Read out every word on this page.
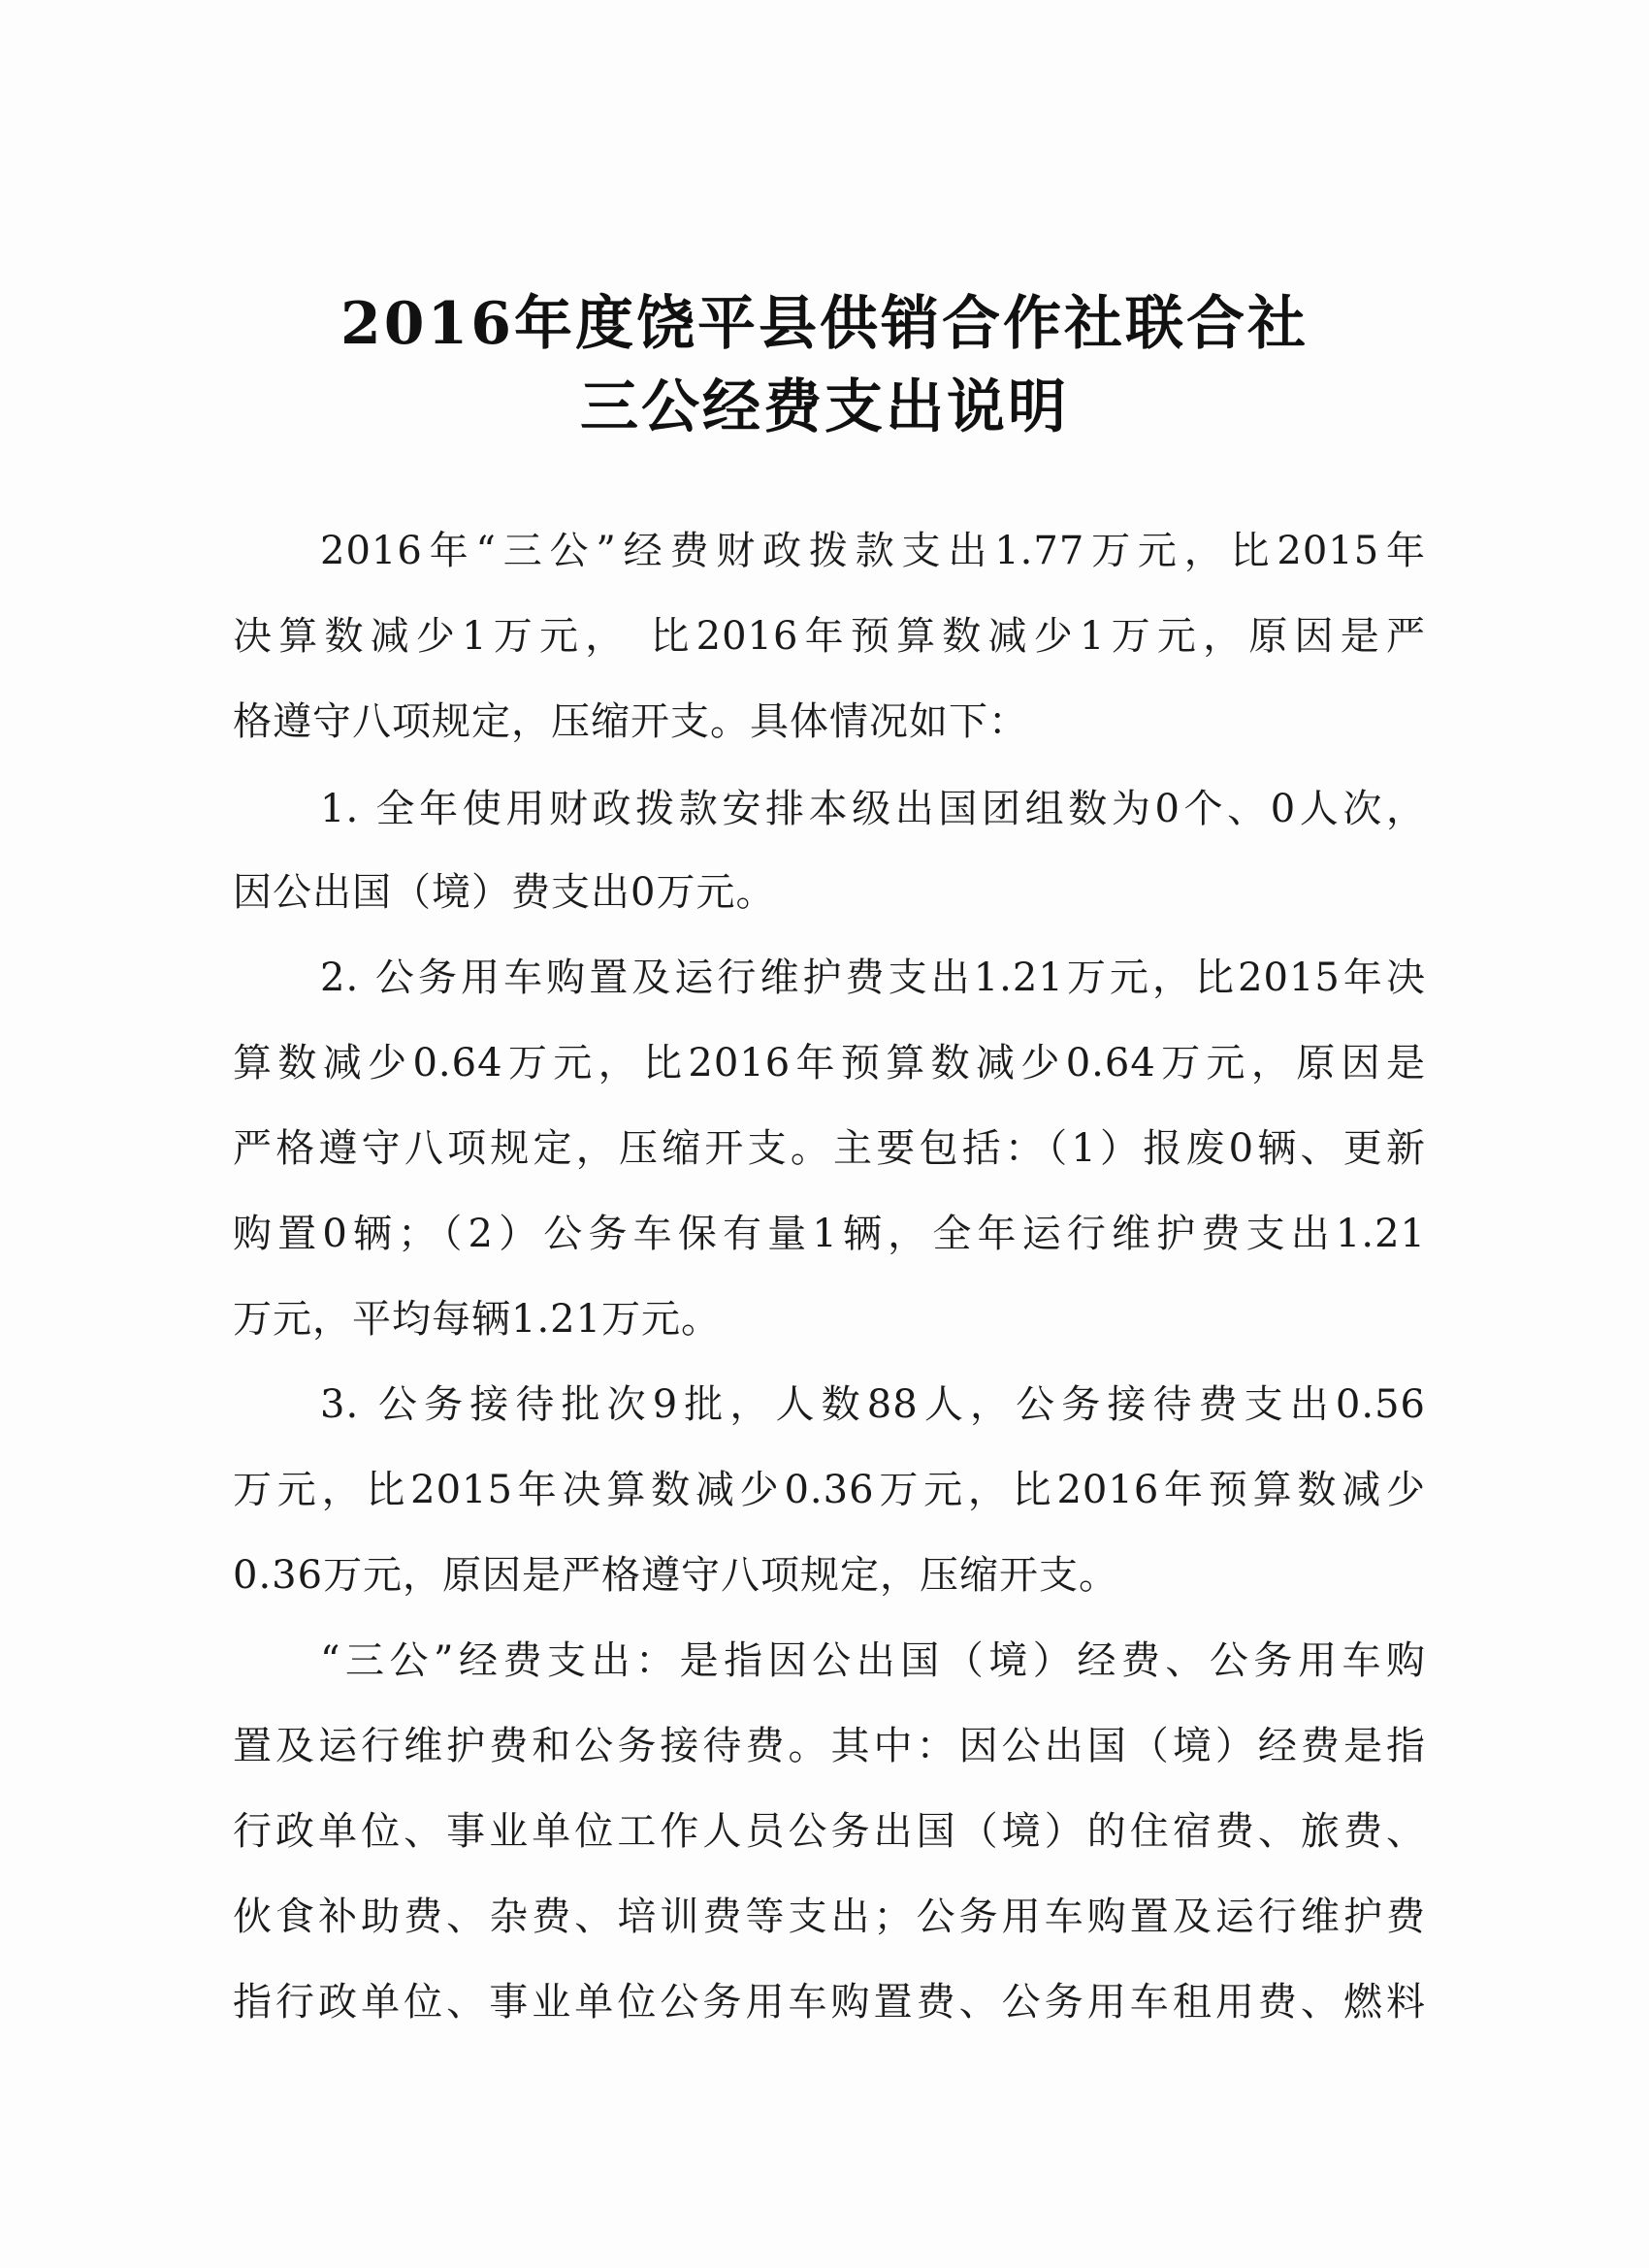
2016年度饶平县供销合作社联合社
三公经费支出说明

2016年“三公”经费财政拨款支出1.77万元，比2015年

决算数减少1万元， 比2016年预算数减少1万元，原因是严

格遵守八项规定，压缩开支。具体情况如下：

1. 全年使用财政拨款安排本级出国团组数为0个、0人次，

因公出国（境）费支出0万元。

2. 公务用车购置及运行维护费支出1.21万元，比2015年决

算数减少0.64万元，比2016年预算数减少0.64万元，原因是

严格遵守八项规定，压缩开支。主要包括：（1）报废0辆、更新

购置0辆；（2）公务车保有量1辆，全年运行维护费支出1.21

万元，平均每辆1.21万元。

3. 公务接待批次9批，人数88人，公务接待费支出0.56

万元，比2015年决算数减少0.36万元，比2016年预算数减少

0.36万元，原因是严格遵守八项规定，压缩开支。

“三公”经费支出：是指因公出国（境）经费、公务用车购

置及运行维护费和公务接待费。其中：因公出国（境）经费是指

行政单位、事业单位工作人员公务出国（境）的住宿费、旅费、

伙食补助费、杂费、培训费等支出；公务用车购置及运行维护费

指行政单位、事业单位公务用车购置费、公务用车租用费、燃料
